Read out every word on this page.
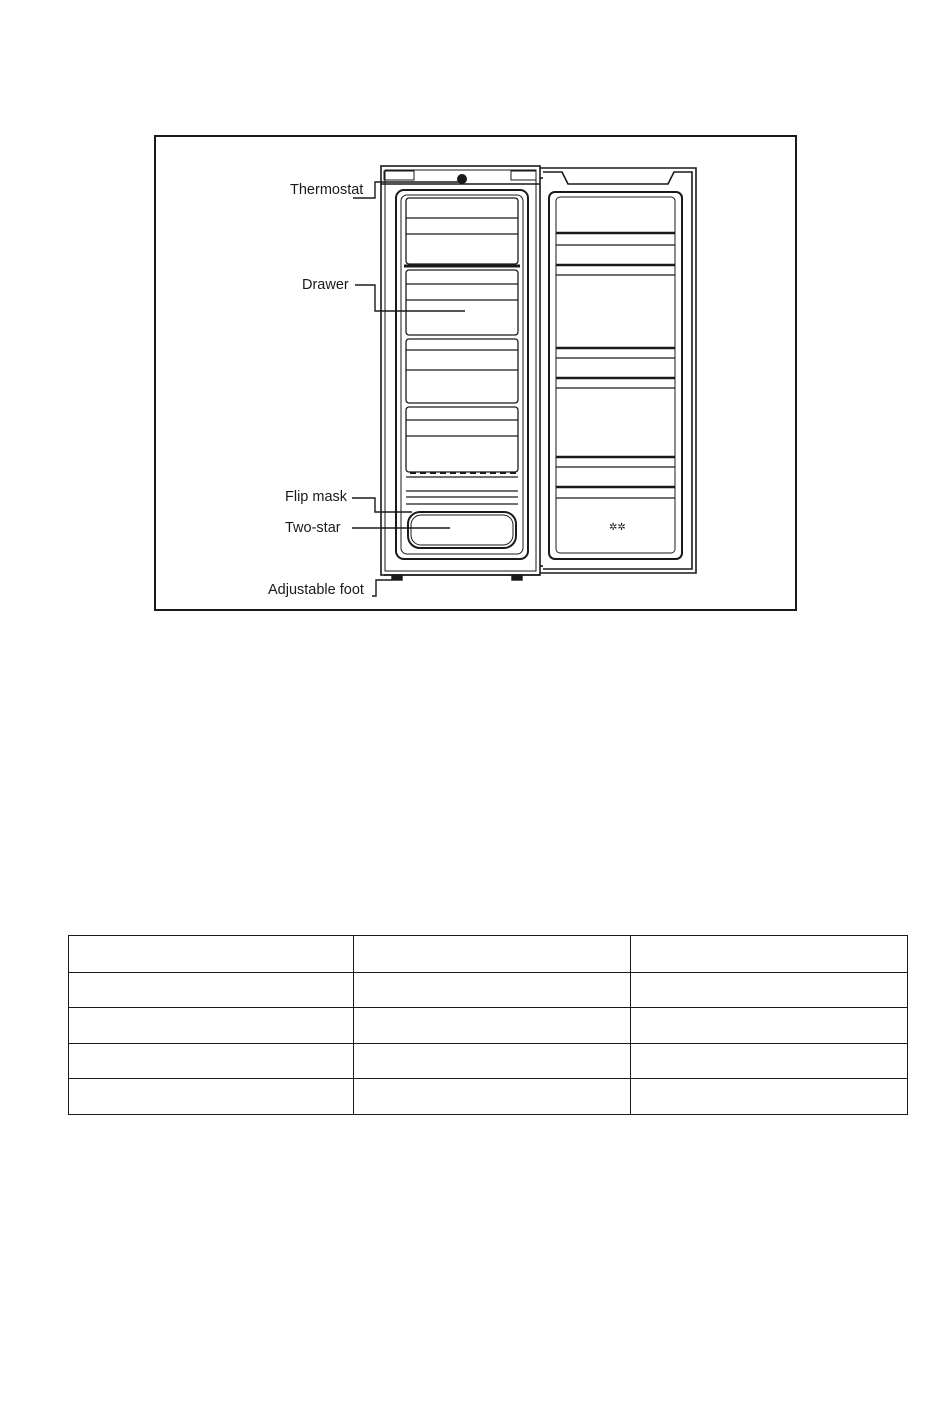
Thermostat
Drawer
Flip mask
Two-star
Adjustable foot
✲✲
